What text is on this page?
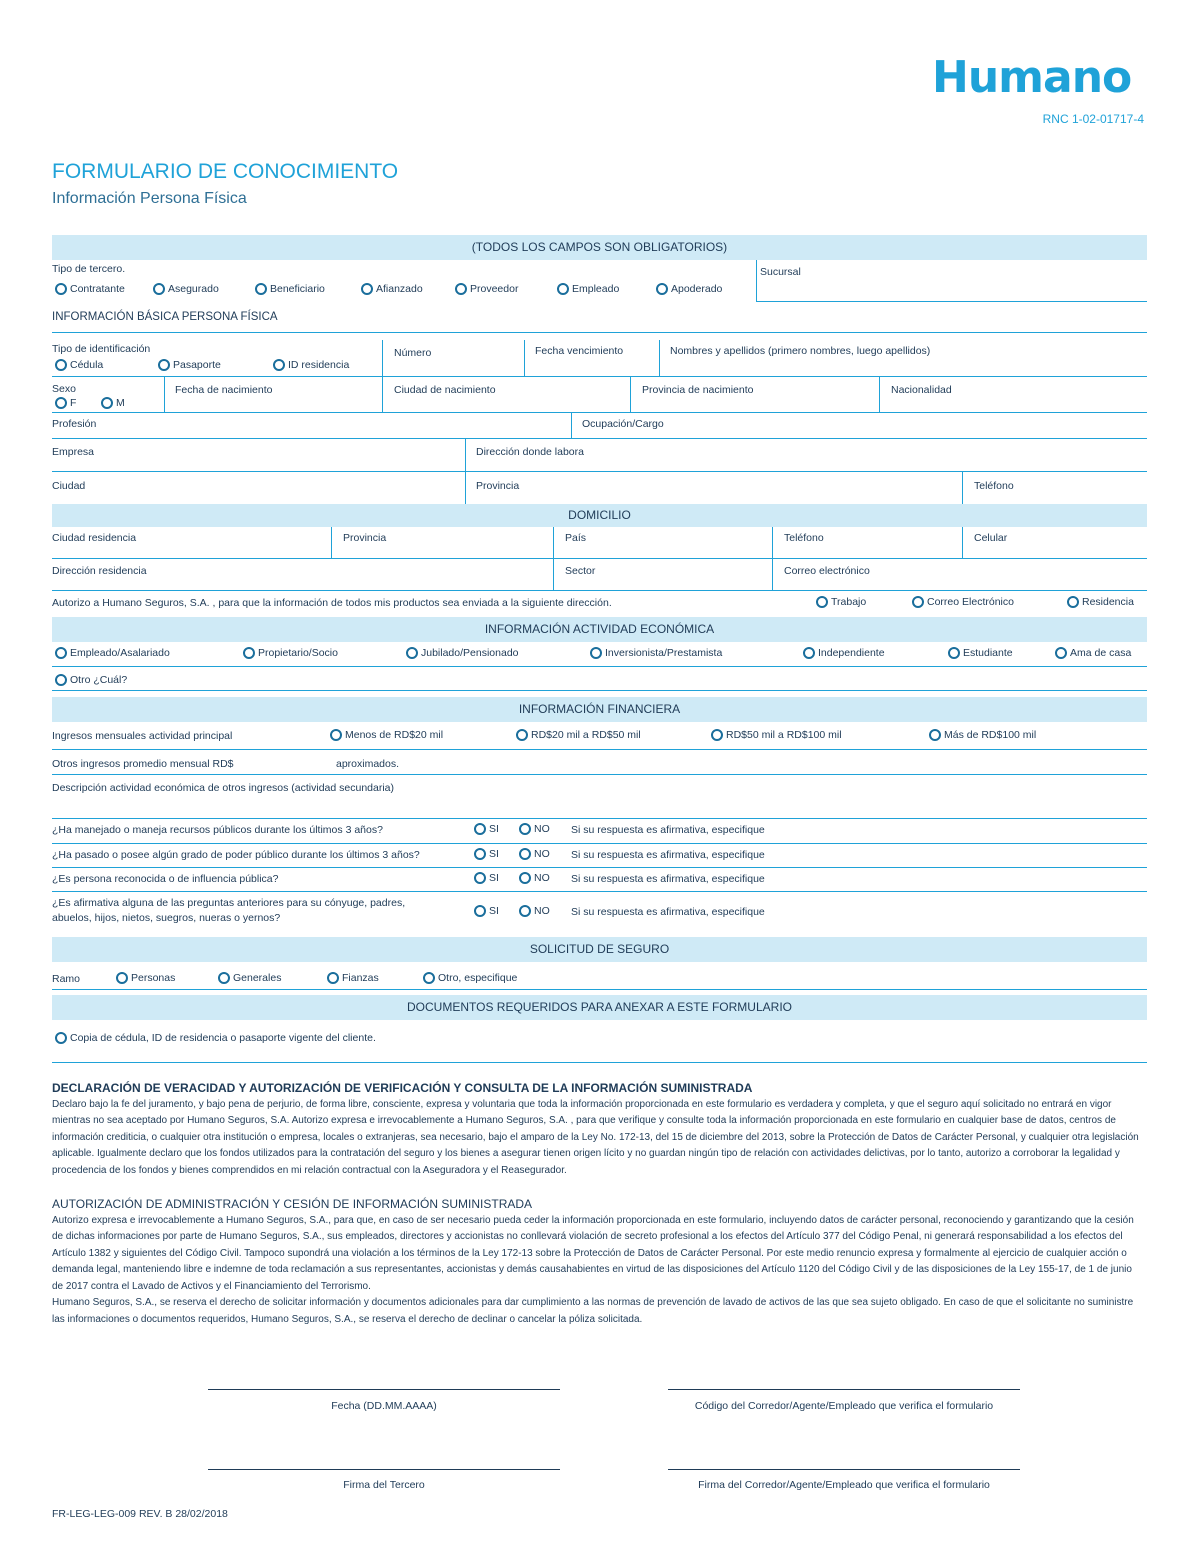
Humano
RNC 1-02-01717-4
FORMULARIO DE CONOCIMIENTO
Información Persona Física
(TODOS LOS CAMPOS SON OBLIGATORIOS)
Tipo de tercero.
Contratante	Asegurado	Beneficiario	Afianzado	Proveedor	Empleado	Apoderado
Sucursal
INFORMACIÓN BÁSICA PERSONA FÍSICA
Tipo de identificación
Cédula	Pasaporte	ID residencia
Número	Fecha vencimiento	Nombres y apellidos (primero nombres, luego apellidos)
Sexo
F	M
Fecha de nacimiento	Ciudad de nacimiento	Provincia de nacimiento	Nacionalidad
Profesión	Ocupación/Cargo
Empresa	Dirección donde labora
Ciudad	Provincia	Teléfono
DOMICILIO
Ciudad residencia	Provincia	País	Teléfono	Celular
Dirección residencia	Sector	Correo electrónico
Autorizo a Humano Seguros, S.A. , para que la información de todos mis productos sea enviada a la siguiente dirección.	Trabajo	Correo Electrónico	Residencia
INFORMACIÓN ACTIVIDAD ECONÓMICA
Empleado/Asalariado	Propietario/Socio	Jubilado/Pensionado	Inversionista/Prestamista	Independiente	Estudiante	Ama de casa
Otro ¿Cuál?
INFORMACIÓN FINANCIERA
Ingresos mensuales actividad principal	Menos de RD$20 mil	RD$20 mil a RD$50 mil	RD$50 mil a RD$100 mil	Más de RD$100 mil
Otros ingresos promedio mensual RD$	aproximados.
Descripción actividad económica de otros ingresos (actividad secundaria)
¿Ha manejado o maneja recursos públicos durante los últimos 3 años?	SI	NO Si su respuesta es afirmativa, especifique
¿Ha pasado o posee algún grado de poder público durante los últimos 3 años?	SI	NO Si su respuesta es afirmativa, especifique
¿Es persona reconocida o de influencia pública?	SI	NO Si su respuesta es afirmativa, especifique
¿Es afirmativa alguna de las preguntas anteriores para su cónyuge, padres,
abuelos, hijos, nietos, suegros, nueras o yernos?
SI	NO Si su respuesta es afirmativa, especifique
SOLICITUD DE SEGURO
Ramo	Personas	Generales	Fianzas	Otro, especifique
DOCUMENTOS REQUERIDOS PARA ANEXAR A ESTE FORMULARIO
Copia de cédula, ID de residencia o pasaporte vigente del cliente.
DECLARACIÓN DE VERACIDAD Y AUTORIZACIÓN DE VERIFICACIÓN Y CONSULTA DE LA INFORMACIÓN SUMINISTRADA
Declaro bajo la fe del juramento, y bajo pena de perjurio, de forma libre, consciente, expresa y voluntaria que toda la información proporcionada en este formulario es verdadera y completa, y que el seguro aquí solicitado no entrará en vigor mientras no sea aceptado por Humano Seguros, S.A. Autorizo expresa e irrevocablemente a Humano Seguros, S.A. , para que verifique y consulte toda la información proporcionada en este formulario en cualquier base de datos, centros de información crediticia, o cualquier otra institución o empresa, locales o extranjeras, sea necesario, bajo el amparo de la Ley No. 172-13, del 15 de diciembre del 2013, sobre la Protección de Datos de Carácter Personal, y cualquier otra legislación aplicable. Igualmente declaro que los fondos utilizados para la contratación del seguro y los bienes a asegurar tienen origen lícito y no guardan ningún tipo de relación con actividades delictivas, por lo tanto, autorizo a corroborar la legalidad y procedencia de los fondos y bienes comprendidos en mi relación contractual con la Aseguradora y el Reasegurador.
AUTORIZACIÓN DE ADMINISTRACIÓN Y CESIÓN DE INFORMACIÓN SUMINISTRADA
Autorizo expresa e irrevocablemente a Humano Seguros, S.A., para que, en caso de ser necesario pueda ceder la información proporcionada en este formulario, incluyendo datos de carácter personal, reconociendo y garantizando que la cesión de dichas informaciones por parte de Humano Seguros, S.A., sus empleados, directores y accionistas no conllevará violación de secreto profesional a los efectos del Artículo 377 del Código Penal, ni generará responsabilidad a los efectos del Artículo 1382 y siguientes del Código Civil. Tampoco supondrá una violación a los términos de la Ley 172-13 sobre la Protección de Datos de Carácter Personal. Por este medio renuncio expresa y formalmente al ejercicio de cualquier acción o demanda legal, manteniendo libre e indemne de toda reclamación a sus representantes, accionistas y demás causahabientes en virtud de las disposiciones del Artículo 1120 del Código Civil y de las disposiciones de la Ley 155-17, de 1 de junio de 2017 contra el Lavado de Activos y el Financiamiento del Terrorismo.
Humano Seguros, S.A., se reserva el derecho de solicitar información y documentos adicionales para dar cumplimiento a las normas de prevención de lavado de activos de las que sea sujeto obligado. En caso de que el solicitante no suministre las informaciones o documentos requeridos, Humano Seguros, S.A., se reserva el derecho de declinar o cancelar la póliza solicitada.
Fecha (DD.MM.AAAA)	Código del Corredor/Agente/Empleado que verifica el formulario
Firma del Tercero	Firma del Corredor/Agente/Empleado que verifica el formulario
FR-LEG-LEG-009 REV. B 28/02/2018
